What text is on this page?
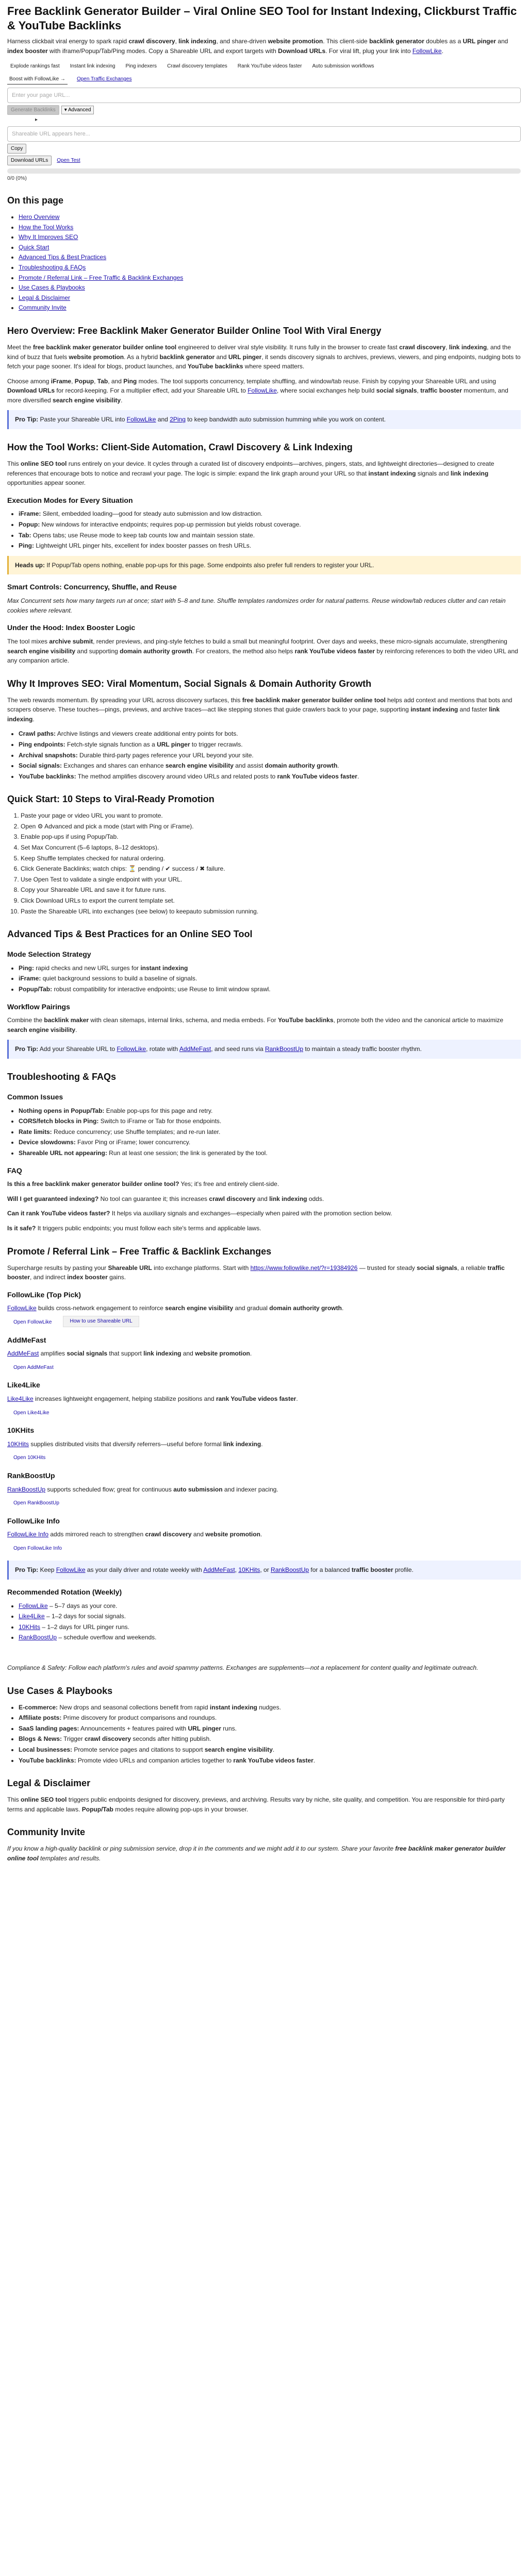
Free Backlink Generator Builder – Viral Online SEO Tool for Instant Indexing, Clickburst Traffic & YouTube Backlinks

Harness clickbait viral energy to spark rapid crawl discovery, link indexing, and share-driven website promotion. This client-side backlink generator doubles as a URL pinger and index booster with iframe/Popup/Tab/Ping modes. Copy a Shareable URL and export targets with Download URLs. For viral lift, plug your link into FollowLike.

Explode rankings fast	Instant link indexing	Ping indexers	Crawl discovery templates	Rank YouTube videos faster	Auto submission workflows
Boost with FollowLike →	Open Traffic Exchanges
Enter your page URL...
Generate Backlinks	▾ Advanced
▸
Shareable URL appears here...
Copy
Download URLs	Open Test
0/0 (0%)
On this page
• Hero Overview
• How the Tool Works
• Why It Improves SEO
• Quick Start
• Advanced Tips & Best Practices
• Troubleshooting & FAQs
• Promote / Referral Link – Free Traffic & Backlink Exchanges
• Use Cases & Playbooks
• Legal & Disclaimer
• Community Invite
Hero Overview: Free Backlink Maker Generator Builder Online Tool With Viral Energy

Meet the free backlink maker generator builder online tool engineered to deliver viral style visibility. It runs fully in the browser to create fast crawl discovery, link indexing, and the kind of buzz that fuels website promotion. As a hybrid backlink generator and URL pinger, it sends discovery signals to archives, previews, viewers, and ping endpoints, nudging bots to fetch your page sooner. It's ideal for blogs, product launches, and YouTube backlinks where speed matters.

Choose among iFrame, Popup, Tab, and Ping modes. The tool supports concurrency, template shuffling, and window/tab reuse. Finish by copying your Shareable URL and using Download URLs for record-keeping. For a multiplier effect, add your Shareable URL to FollowLike, where social exchanges help build social signals, traffic booster momentum, and more diversified search engine visibility.

Pro Tip: Paste your Shareable URL into FollowLike and 2Ping to keep bandwidth auto submission humming while you work on content.
How the Tool Works: Client-Side Automation, Crawl Discovery & Link Indexing

This online SEO tool runs entirely on your device. It cycles through a curated list of discovery endpoints—archives, pingers, stats, and lightweight directories—designed to create references that encourage bots to notice and recrawl your page. The logic is simple: expand the link graph around your URL so that instant indexing signals and link indexing opportunities appear sooner.

Execution Modes for Every Situation
• iFrame: Silent, embedded loading—good for steady auto submission and low distraction.
• Popup: New windows for interactive endpoints; requires pop-up permission but yields robust coverage.
• Tab: Opens tabs; use Reuse mode to keep tab counts low and maintain session state.
• Ping: Lightweight URL pinger hits, excellent for index booster passes on fresh URLs.
Heads up: If Popup/Tab opens nothing, enable pop-ups for this page. Some endpoints also prefer full renders to register your URL.
Smart Controls: Concurrency, Shuffle, and Reuse

Max Concurrent sets how many targets run at once; start with 5–8 and tune. Shuffle templates randomizes order for natural patterns. Reuse window/tab reduces clutter and can retain cookies where relevant.

Under the Hood: Index Booster Logic

The tool mixes archive submit, render previews, and ping-style fetches to build a small but meaningful footprint. Over days and weeks, these micro-signals accumulate, strengthening search engine visibility and supporting domain authority growth. For creators, the method also helps rank YouTube videos faster by reinforcing references to both the video URL and any companion article.

Why It Improves SEO: Viral Momentum, Social Signals & Domain Authority Growth

The web rewards momentum. By spreading your URL across discovery surfaces, this free backlink maker generator builder online tool helps add context and mentions that bots and scrapers observe. These touches—pings, previews, and archive traces—act like stepping stones that guide crawlers back to your page, supporting instant indexing and faster link indexing.

• Crawl paths: Archive listings and viewers create additional entry points for bots.
• Ping endpoints: Fetch-style signals function as a URL pinger to trigger recrawls.
• Archival snapshots: Durable third-party pages reference your URL beyond your site.
• Social signals: Exchanges and shares can enhance search engine visibility and assist domain authority growth.
• YouTube backlinks: The method amplifies discovery around video URLs and related posts to rank YouTube videos faster.
Quick Start: 10 Steps to Viral-Ready Promotion
1. Paste your page or video URL you want to promote.
2. Open ⚙ Advanced and pick a mode (start with Ping or iFrame).
3. Enable pop-ups if using Popup/Tab.
4. Set Max Concurrent (5–6 laptops, 8–12 desktops).
5. Keep Shuffle templates checked for natural ordering.
6. Click Generate Backlinks; watch chips: ⏳ pending / ✔ success / ✖ failure.
7. Use Open Test to validate a single endpoint with your URL.
8. Copy your Shareable URL and save it for future runs.
9. Click Download URLs to export the current template set.
10. Paste the Shareable URL into exchanges (see below) to keepauto submission running.
Advanced Tips & Best Practices for an Online SEO Tool
Mode Selection Strategy
• Ping: rapid checks and new URL surges for instant indexing
• iFrame: quiet background sessions to build a baseline of signals.
• Popup/Tab: robust compatibility for interactive endpoints; use Reuse to limit window sprawl.
Workflow Pairings

Combine the backlink maker with clean sitemaps, internal links, schema, and media embeds. For YouTube backlinks, promote both the video and the canonical article to maximize search engine visibility.

Pro Tip: Add your Shareable URL to FollowLike, rotate with AddMeFast, and seed runs via RankBoostUp to maintain a steady traffic booster rhythm.
Troubleshooting & FAQs
Common Issues
• Nothing opens in Popup/Tab: Enable pop-ups for this page and retry.
• CORS/fetch blocks in Ping: Switch to iFrame or Tab for those endpoints.
• Rate limits: Reduce concurrency; use Shuffle templates; and re-run later.
• Device slowdowns: Favor Ping or iFrame; lower concurrency.
• Shareable URL not appearing: Run at least one session; the link is generated by the tool.
FAQ

Is this a free backlink maker generator builder online tool? Yes; it's free and entirely client-side.

Will I get guaranteed indexing? No tool can guarantee it; this increases crawl discovery and link indexing odds.

Can it rank YouTube videos faster? It helps via auxiliary signals and exchanges—especially when paired with the promotion section below.

Is it safe? It triggers public endpoints; you must follow each site's terms and applicable laws.

Promote / Referral Link – Free Traffic & Backlink Exchanges

Supercharge results by pasting your Shareable URL into exchange platforms. Start with https://www.followlike.net/?r=19384926 — trusted for steady social signals, a reliable traffic booster, and indirect index booster gains.

FollowLike (Top Pick)

FollowLike builds cross-network engagement to reinforce search engine visibility and gradual domain authority growth.

Open FollowLike	How to use Shareable URL
AddMeFast

AddMeFast amplifies social signals that support link indexing and website promotion.

Open AddMeFast
Like4Like

Like4Like increases lightweight engagement, helping stabilize positions and rank YouTube videos faster.

Open Like4Like
10KHits

10KHits supplies distributed visits that diversify referrers—useful before formal link indexing.

Open 10KHits
RankBoostUp

RankBoostUp supports scheduled flow; great for continuous auto submission and indexer pacing.

Open RankBoostUp
FollowLike Info

FollowLike Info adds mirrored reach to strengthen crawl discovery and website promotion.

Open FollowLike Info
Pro Tip: Keep FollowLike as your daily driver and rotate weekly with AddMeFast, 10KHits, or RankBoostUp for a balanced traffic booster profile.
Recommended Rotation (Weekly)
• FollowLike – 5–7 days as your core.
• Like4Like – 1–2 days for social signals.
• 10KHits – 1–2 days for URL pinger runs.
• RankBoostUp – schedule overflow and weekends.

Compliance & Safety: Follow each platform's rules and avoid spammy patterns. Exchanges are supplements—not a replacement for content quality and legitimate outreach.

Use Cases & Playbooks
• E-commerce: New drops and seasonal collections benefit from rapid instant indexing nudges.
• Affiliate posts: Prime discovery for product comparisons and roundups.
• SaaS landing pages: Announcements + features paired with URL pinger runs.
• Blogs & News: Trigger crawl discovery seconds after hitting publish.
• Local businesses: Promote service pages and citations to support search engine visibility.
• YouTube backlinks: Promote video URLs and companion articles together to rank YouTube videos faster.
Legal & Disclaimer

This online SEO tool triggers public endpoints designed for discovery, previews, and archiving. Results vary by niche, site quality, and competition. You are responsible for third-party terms and applicable laws. Popup/Tab modes require allowing pop-ups in your browser.

Community Invite

If you know a high-quality backlink or ping submission service, drop it in the comments and we might add it to our system. Share your favorite free backlink maker generator builder online tool templates and results.
